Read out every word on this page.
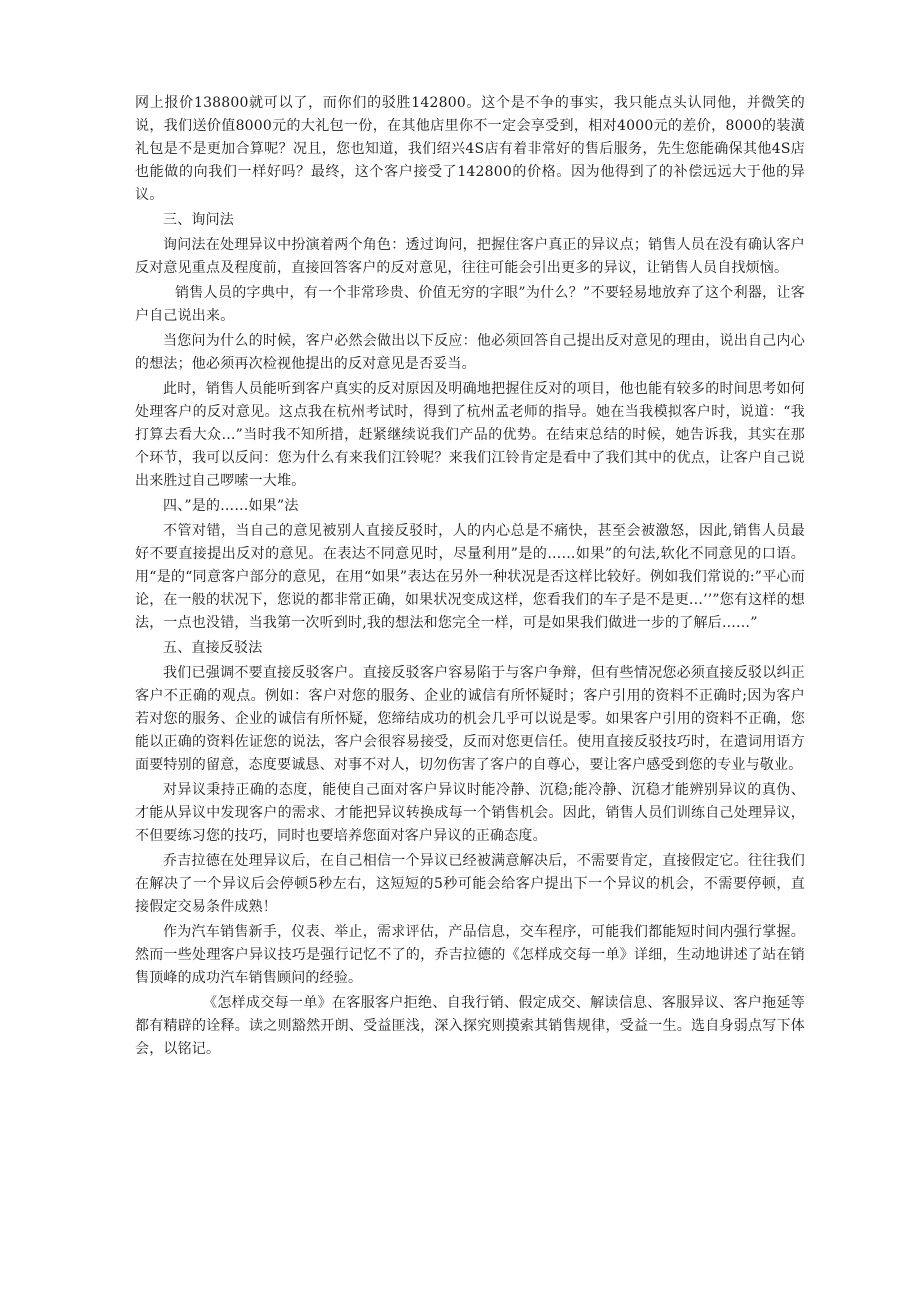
网上报价138800就可以了，而你们的驳胜142800。这个是不争的事实，我只能点头认同他，并微笑的说，我们送价值8000元的大礼包一份，在其他店里你不一定会享受到，相对4000元的差价，8000的装潢礼包是不是更加合算呢？况且，您也知道，我们绍兴4S店有着非常好的售后服务，先生您能确保其他4S店也能做的向我们一样好吗？最终，这个客户接受了142800的价格。因为他得到了的补偿远远大于他的异议。

三、询问法

询问法在处理异议中扮演着两个角色：透过询问，把握住客户真正的异议点；销售人员在没有确认客户反对意见重点及程度前，直接回答客户的反对意见，往往可能会引出更多的异议，让销售人员自找烦恼。

销售人员的字典中，有一个非常珍贵、价值无穷的字眼”为什么？”不要轻易地放弃了这个利器，让客户自己说出来。

当您问为什么的时候，客户必然会做出以下反应：他必须回答自己提出反对意见的理由，说出自己内心的想法；他必须再次检视他提出的反对意见是否妥当。

此时，销售人员能听到客户真实的反对原因及明确地把握住反对的项目，他也能有较多的时间思考如何处理客户的反对意见。这点我在杭州考试时，得到了杭州孟老师的指导。她在当我模拟客户时，说道：“我打算去看大众…”当时我不知所措，赶紧继续说我们产品的优势。在结束总结的时候，她告诉我，其实在那个环节，我可以反问：您为什么有来我们江铃呢？来我们江铃肯定是看中了我们其中的优点，让客户自己说出来胜过自己啰嗦一大堆。

四、”是的……如果”法

不管对错，当自己的意见被别人直接反驳时，人的内心总是不痛快，甚至会被激怒，因此,销售人员最好不要直接提出反对的意见。在表达不同意见时，尽量利用”是的……如果”的句法,软化不同意见的口语。用“是的“同意客户部分的意见，在用“如果”表达在另外一种状况是否这样比较好。例如我们常说的:”平心而论，在一般的状况下，您说的都非常正确，如果状况变成这样，您看我们的车子是不是更…’’”您有这样的想法，一点也没错，当我第一次听到时,我的想法和您完全一样，可是如果我们做进一步的了解后……”

五、直接反驳法

我们已强调不要直接反驳客户。直接反驳客户容易陷于与客户争辩，但有些情况您必须直接反驳以纠正客户不正确的观点。例如：客户对您的服务、企业的诚信有所怀疑时；客户引用的资料不正确时;因为客户若对您的服务、企业的诚信有所怀疑，您缔结成功的机会几乎可以说是零。如果客户引用的资料不正确，您能以正确的资料佐证您的说法，客户会很容易接受，反而对您更信任。使用直接反驳技巧时，在遣词用语方面要特别的留意，态度要诚恳、对事不对人，切勿伤害了客户的自尊心，要让客户感受到您的专业与敬业。

对异议秉持正确的态度，能使自己面对客户异议时能冷静、沉稳;能冷静、沉稳才能辨别异议的真伪、才能从异议中发现客户的需求、才能把异议转换成每一个销售机会。因此，销售人员们训练自己处理异议，不但要练习您的技巧，同时也要培养您面对客户异议的正确态度。

乔吉拉德在处理异议后，在自己相信一个异议已经被满意解决后，不需要肯定，直接假定它。往往我们在解决了一个异议后会停顿5秒左右，这短短的5秒可能会给客户提出下一个异议的机会，不需要停顿，直接假定交易条件成熟！

作为汽车销售新手，仪表、举止，需求评估，产品信息，交车程序，可能我们都能短时间内强行掌握。然而一些处理客户异议技巧是强行记忆不了的，乔吉拉德的《怎样成交每一单》详细，生动地讲述了站在销售顶峰的成功汽车销售顾问的经验。

《怎样成交每一单》在客服客户拒绝、自我行销、假定成交、解读信息、客服异议、客户拖延等都有精辟的诠释。读之则豁然开朗、受益匪浅，深入探究则摸索其销售规律，受益一生。选自身弱点写下体会，以铭记。
